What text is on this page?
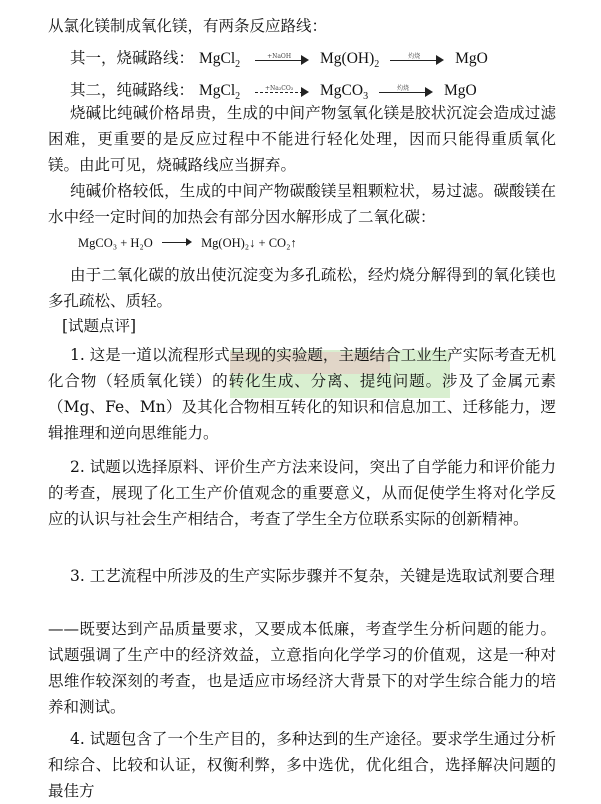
从氯化镁制成氧化镁，有两条反应路线：
其一，烧碱路线： MgCl$_2$
+NaOH	$Mg(OH)_2$
灼烧	MgO
其二，纯碱路线： MgCl$_2$
+Na₂CO₃	MgCO$_3$
灼烧	MgO
烧碱比纯碱价格昂贵，生成的中间产物氢氧化镁是胶状沉淀会造成过滤困难，更重要的是反应过程中不能进行轻化处理，因而只能得重质氧化镁。由此可见，烧碱路线应当摒弃。
纯碱价格较低，生成的中间产物碳酸镁呈粗颗粒状，易过滤。碳酸镁在水中经一定时间的加热会有部分因水解形成了二氧化碳：
MgCO₃ + H₂O	Mg(OH)₂↓ + CO₂↑
由于二氧化碳的放出使沉淀变为多孔疏松，经灼烧分解得到的氧化镁也多孔疏松、质轻。
[试题点评]
1. 这是一道以流程形式呈现的实验题，主题结合工业生产实际考查无机化合物（轻质氧化镁）的转化生成、分离、提纯问题。涉及了金属元素（Mg、Fe、Mn）及其化合物相互转化的知识和信息加工、迁移能力，逻辑推理和逆向思维能力。
2. 试题以选择原料、评价生产方法来设问，突出了自学能力和评价能力的考查，展现了化工生产价值观念的重要意义，从而促使学生将对化学反应的认识与社会生产相结合，考查了学生全方位联系实际的创新精神。
3. 工艺流程中所涉及的生产实际步骤并不复杂，关键是选取试剂要合理
——既要达到产品质量要求，又要成本低廉，考查学生分析问题的能力。试题强调了生产中的经济效益，立意指向化学学习的价值观，这是一种对思维作较深刻的考查，也是适应市场经济大背景下的对学生综合能力的培养和测试。
4. 试题包含了一个生产目的，多种达到的生产途径。要求学生通过分析和综合、比较和认证，权衡利弊，多中选优，优化组合，选择解决问题的最佳方
